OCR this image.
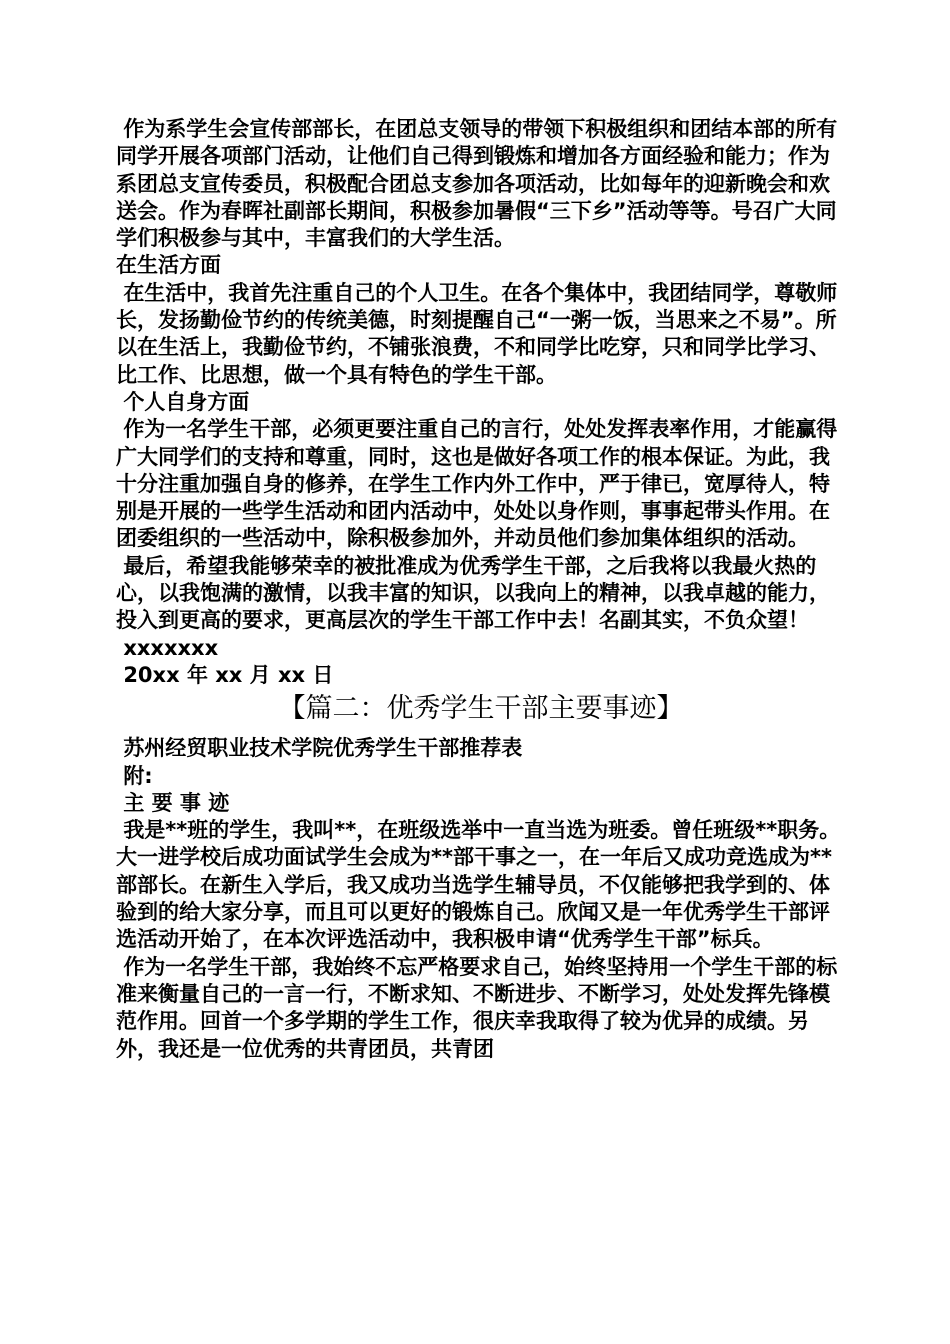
作为系学生会宣传部部长，在团总支领导的带领下积极组织和团结本部的所有同学开展各项部门活动，让他们自己得到锻炼和增加各方面经验和能力；作为系团总支宣传委员，积极配合团总支参加各项活动，比如每年的迎新晚会和欢送会。作为春晖社副部长期间，积极参加暑假“三下乡”活动等等。号召广大同学们积极参与其中，丰富我们的大学生活。

在生活方面

在生活中，我首先注重自己的个人卫生。在各个集体中，我团结同学，尊敬师长，发扬勤俭节约的传统美德，时刻提醒自己“一粥一饭，当思来之不易”。所以在生活上，我勤俭节约，不铺张浪费，不和同学比吃穿，只和同学比学习、比工作、比思想，做一个具有特色的学生干部。

个人自身方面

作为一名学生干部，必须更要注重自己的言行，处处发挥表率作用，才能赢得广大同学们的支持和尊重，同时，这也是做好各项工作的根本保证。为此，我十分注重加强自身的修养，在学生工作内外工作中，严于律已，宽厚待人，特别是开展的一些学生活动和团内活动中，处处以身作则，事事起带头作用。在团委组织的一些活动中，除积极参加外，并动员他们参加集体组织的活动。

最后，希望我能够荣幸的被批准成为优秀学生干部，之后我将以我最火热的心，以我饱满的激情，以我丰富的知识，以我向上的精神，以我卓越的能力，投入到更高的要求，更高层次的学生干部工作中去！名副其实，不负众望！

xxxxxxx

20xx 年 xx 月 xx 日

【篇二：优秀学生干部主要事迹】

苏州经贸职业技术学院优秀学生干部推荐表

附:

主 要 事 迹

我是**班的学生，我叫**，在班级选举中一直当选为班委。曾任班级**职务。大一进学校后成功面试学生会成为**部干事之一，在一年后又成功竞选成为**部部长。在新生入学后，我又成功当选学生辅导员，不仅能够把我学到的、体验到的给大家分享，而且可以更好的锻炼自己。欣闻又是一年优秀学生干部评选活动开始了，在本次评选活动中，我积极申请“优秀学生干部”标兵。

作为一名学生干部，我始终不忘严格要求自己，始终坚持用一个学生干部的标准来衡量自己的一言一行，不断求知、不断进步、不断学习，处处发挥先锋模范作用。回首一个多学期的学生工作，很庆幸我取得了较为优异的成绩。另外，我还是一位优秀的共青团员，共青团
